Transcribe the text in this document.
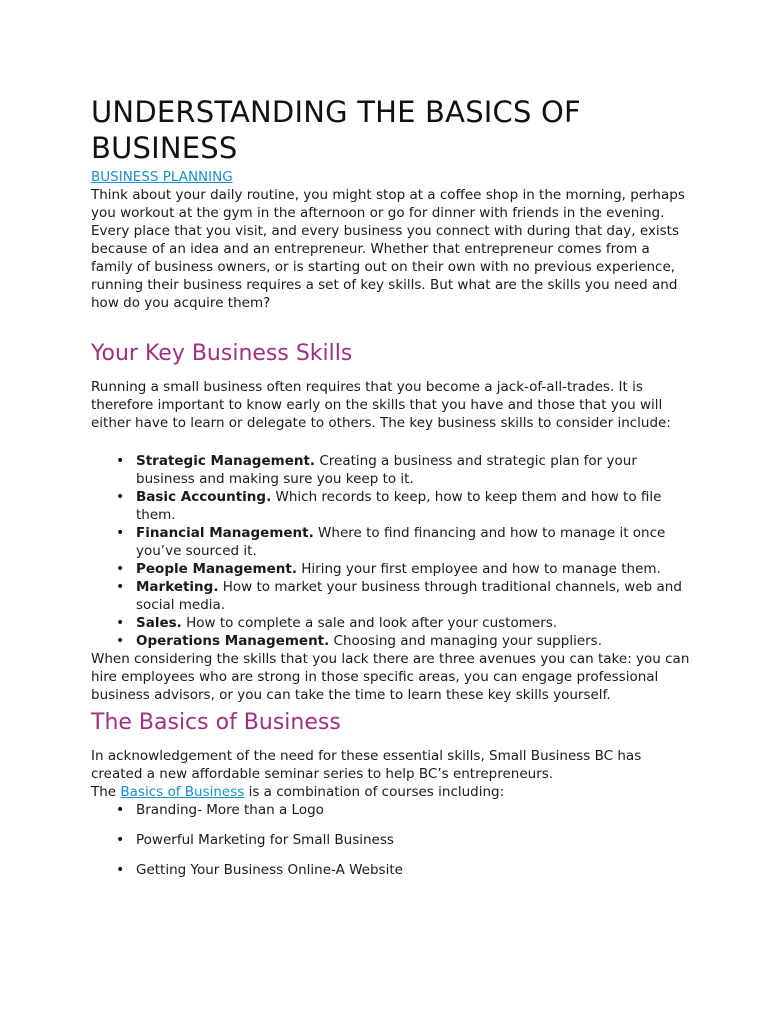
UNDERSTANDING THE BASICS OF BUSINESS
BUSINESS PLANNING

Think about your daily routine, you might stop at a coffee shop in the morning, perhaps you workout at the gym in the afternoon or go for dinner with friends in the evening. Every place that you visit, and every business you connect with during that day, exists because of an idea and an entrepreneur. Whether that entrepreneur comes from a family of business owners, or is starting out on their own with no previous experience, running their business requires a set of key skills. But what are the skills you need and how do you acquire them?

Your Key Business Skills

Running a small business often requires that you become a jack-of-all-trades. It is therefore important to know early on the skills that you have and those that you will either have to learn or delegate to others. The key business skills to consider include:

• Strategic Management. Creating a business and strategic plan for your business and making sure you keep to it.
• Basic Accounting. Which records to keep, how to keep them and how to file them.
• Financial Management. Where to find financing and how to manage it once you’ve sourced it.
• People Management. Hiring your first employee and how to manage them.
• Marketing. How to market your business through traditional channels, web and social media.
• Sales. How to complete a sale and look after your customers.
• Operations Management. Choosing and managing your suppliers.

When considering the skills that you lack there are three avenues you can take: you can hire employees who are strong in those specific areas, you can engage professional business advisors, or you can take the time to learn these key skills yourself.

The Basics of Business

In acknowledgement of the need for these essential skills, Small Business BC has created a new affordable seminar series to help BC’s entrepreneurs.

The Basics of Business is a combination of courses including:

• Branding- More than a Logo
• Powerful Marketing for Small Business
• Getting Your Business Online-A Website
